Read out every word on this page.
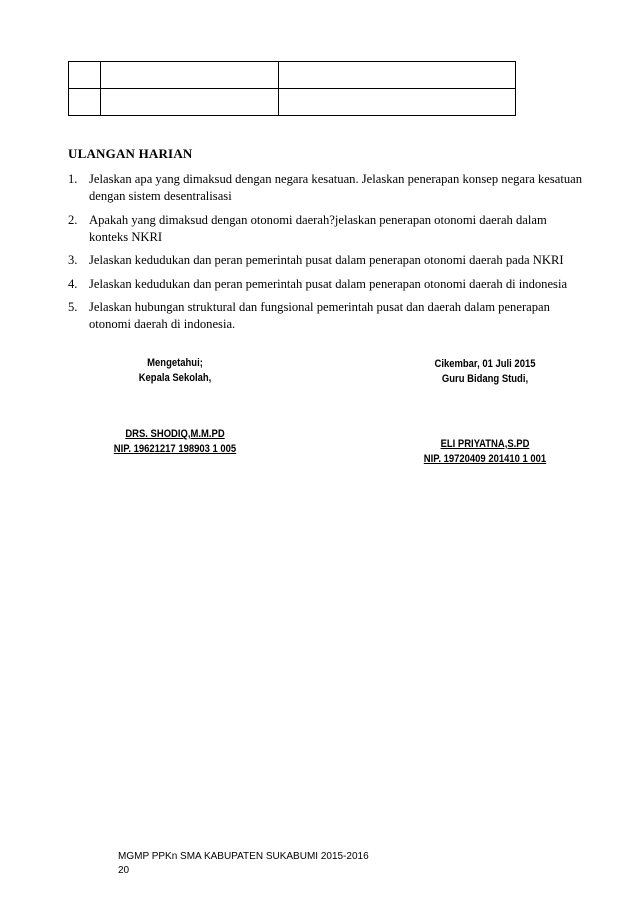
ULANGAN HARIAN
1. Jelaskan apa yang dimaksud dengan negara kesatuan. Jelaskan penerapan konsep negara kesatuan dengan sistem desentralisasi
2. Apakah yang dimaksud dengan otonomi daerah?jelaskan penerapan otonomi daerah dalam konteks NKRI
3. Jelaskan kedudukan dan peran pemerintah pusat dalam penerapan otonomi daerah pada NKRI
4. Jelaskan kedudukan dan peran pemerintah pusat dalam penerapan otonomi daerah di indonesia
5. Jelaskan hubungan struktural dan fungsional pemerintah pusat dan daerah dalam penerapan otonomi daerah di indonesia.
Mengetahui;
Kepala Sekolah,
DRS. SHODIQ,M.M.PD
NIP. 19621217 198903 1 005
Cikembar, 01 Juli 2015
Guru Bidang Studi,
ELI PRIYATNA,S.PD
NIP. 19720409 201410 1 001
MGMP PPKn SMA KABUPATEN SUKABUMI 2015-2016
20
